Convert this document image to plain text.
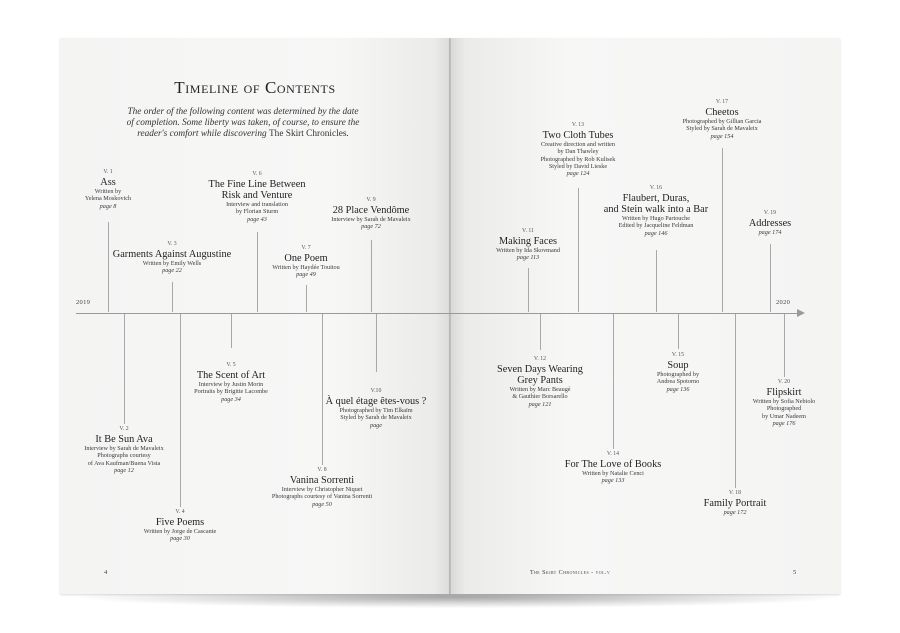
Timeline of Contents
The order of the following content was determined by the date
of completion. Some liberty was taken, of course, to ensure the
reader's comfort while discovering The Skirt Chronicles.
2019	2020
V. 1
Ass
Written by
Yelena Moskovich
page 8
V. 2
It Be Sun Ava
Interview by Sarah de Mavaleix
Photographs courtesy
of Ava Kaufman/Buena Vista
page 12
V. 3
Garments Against Augustine
Written by Emily Wells
page 22
V. 4
Five Poems
Written by Jorge de Cascante
page 30
V. 5
The Scent of Art
Interview by Justin Morin
Portraits by Brigitte Lacombe
page 34
V. 6
The Fine Line Between
Risk and Venture
Interview and translation
by Florian Sturm
page 43
V. 7
One Poem
Written by Haydée Touitou
page 49
V. 8
Vanina Sorrenti
Interview by Christopher Niquet
Photographs courtesy of Vanina Sorrenti
page 50
V. 9
28 Place Vendôme
Interview by Sarah de Mavaleix
page 72
V.10
À quel étage êtes-vous ?
Photographed by Tim Elkaïm
Styled by Sarah de Mavaleix
page
V. 11
Making Faces
Written by Ida Skovmand
page 113
V. 12
Seven Days Wearing
Grey Pants
Written by Marc Beaugé
& Gauthier Borsarello
page 121
V. 13
Two Cloth Tubes
Creative direction and written
by Dan Thawley
Photographed by Rob Kulisek
Styled by David Lieske
page 124
V. 14
For The Love of Books
Written by Natalie Cenci
page 133
V. 15
Soup
Photographed by
Andrea Spotorno
page 136
V. 16
Flaubert, Duras,
and Stein walk into a Bar
Written by Hugo Partouche
Edited by Jacqueline Feldman
page 146
V. 17
Cheetos
Photographed by Gillian Garcia
Styled by Sarah de Mavaleix
page 154
V. 18
Family Portrait
page 172
V. 19
Addresses
page 174
V. 20
Flipskirt
Written by Sofia Nebiolo
Photographed
by Umar Nadeem
page 176
4	The Skirt Chronicles - vol.v	5
